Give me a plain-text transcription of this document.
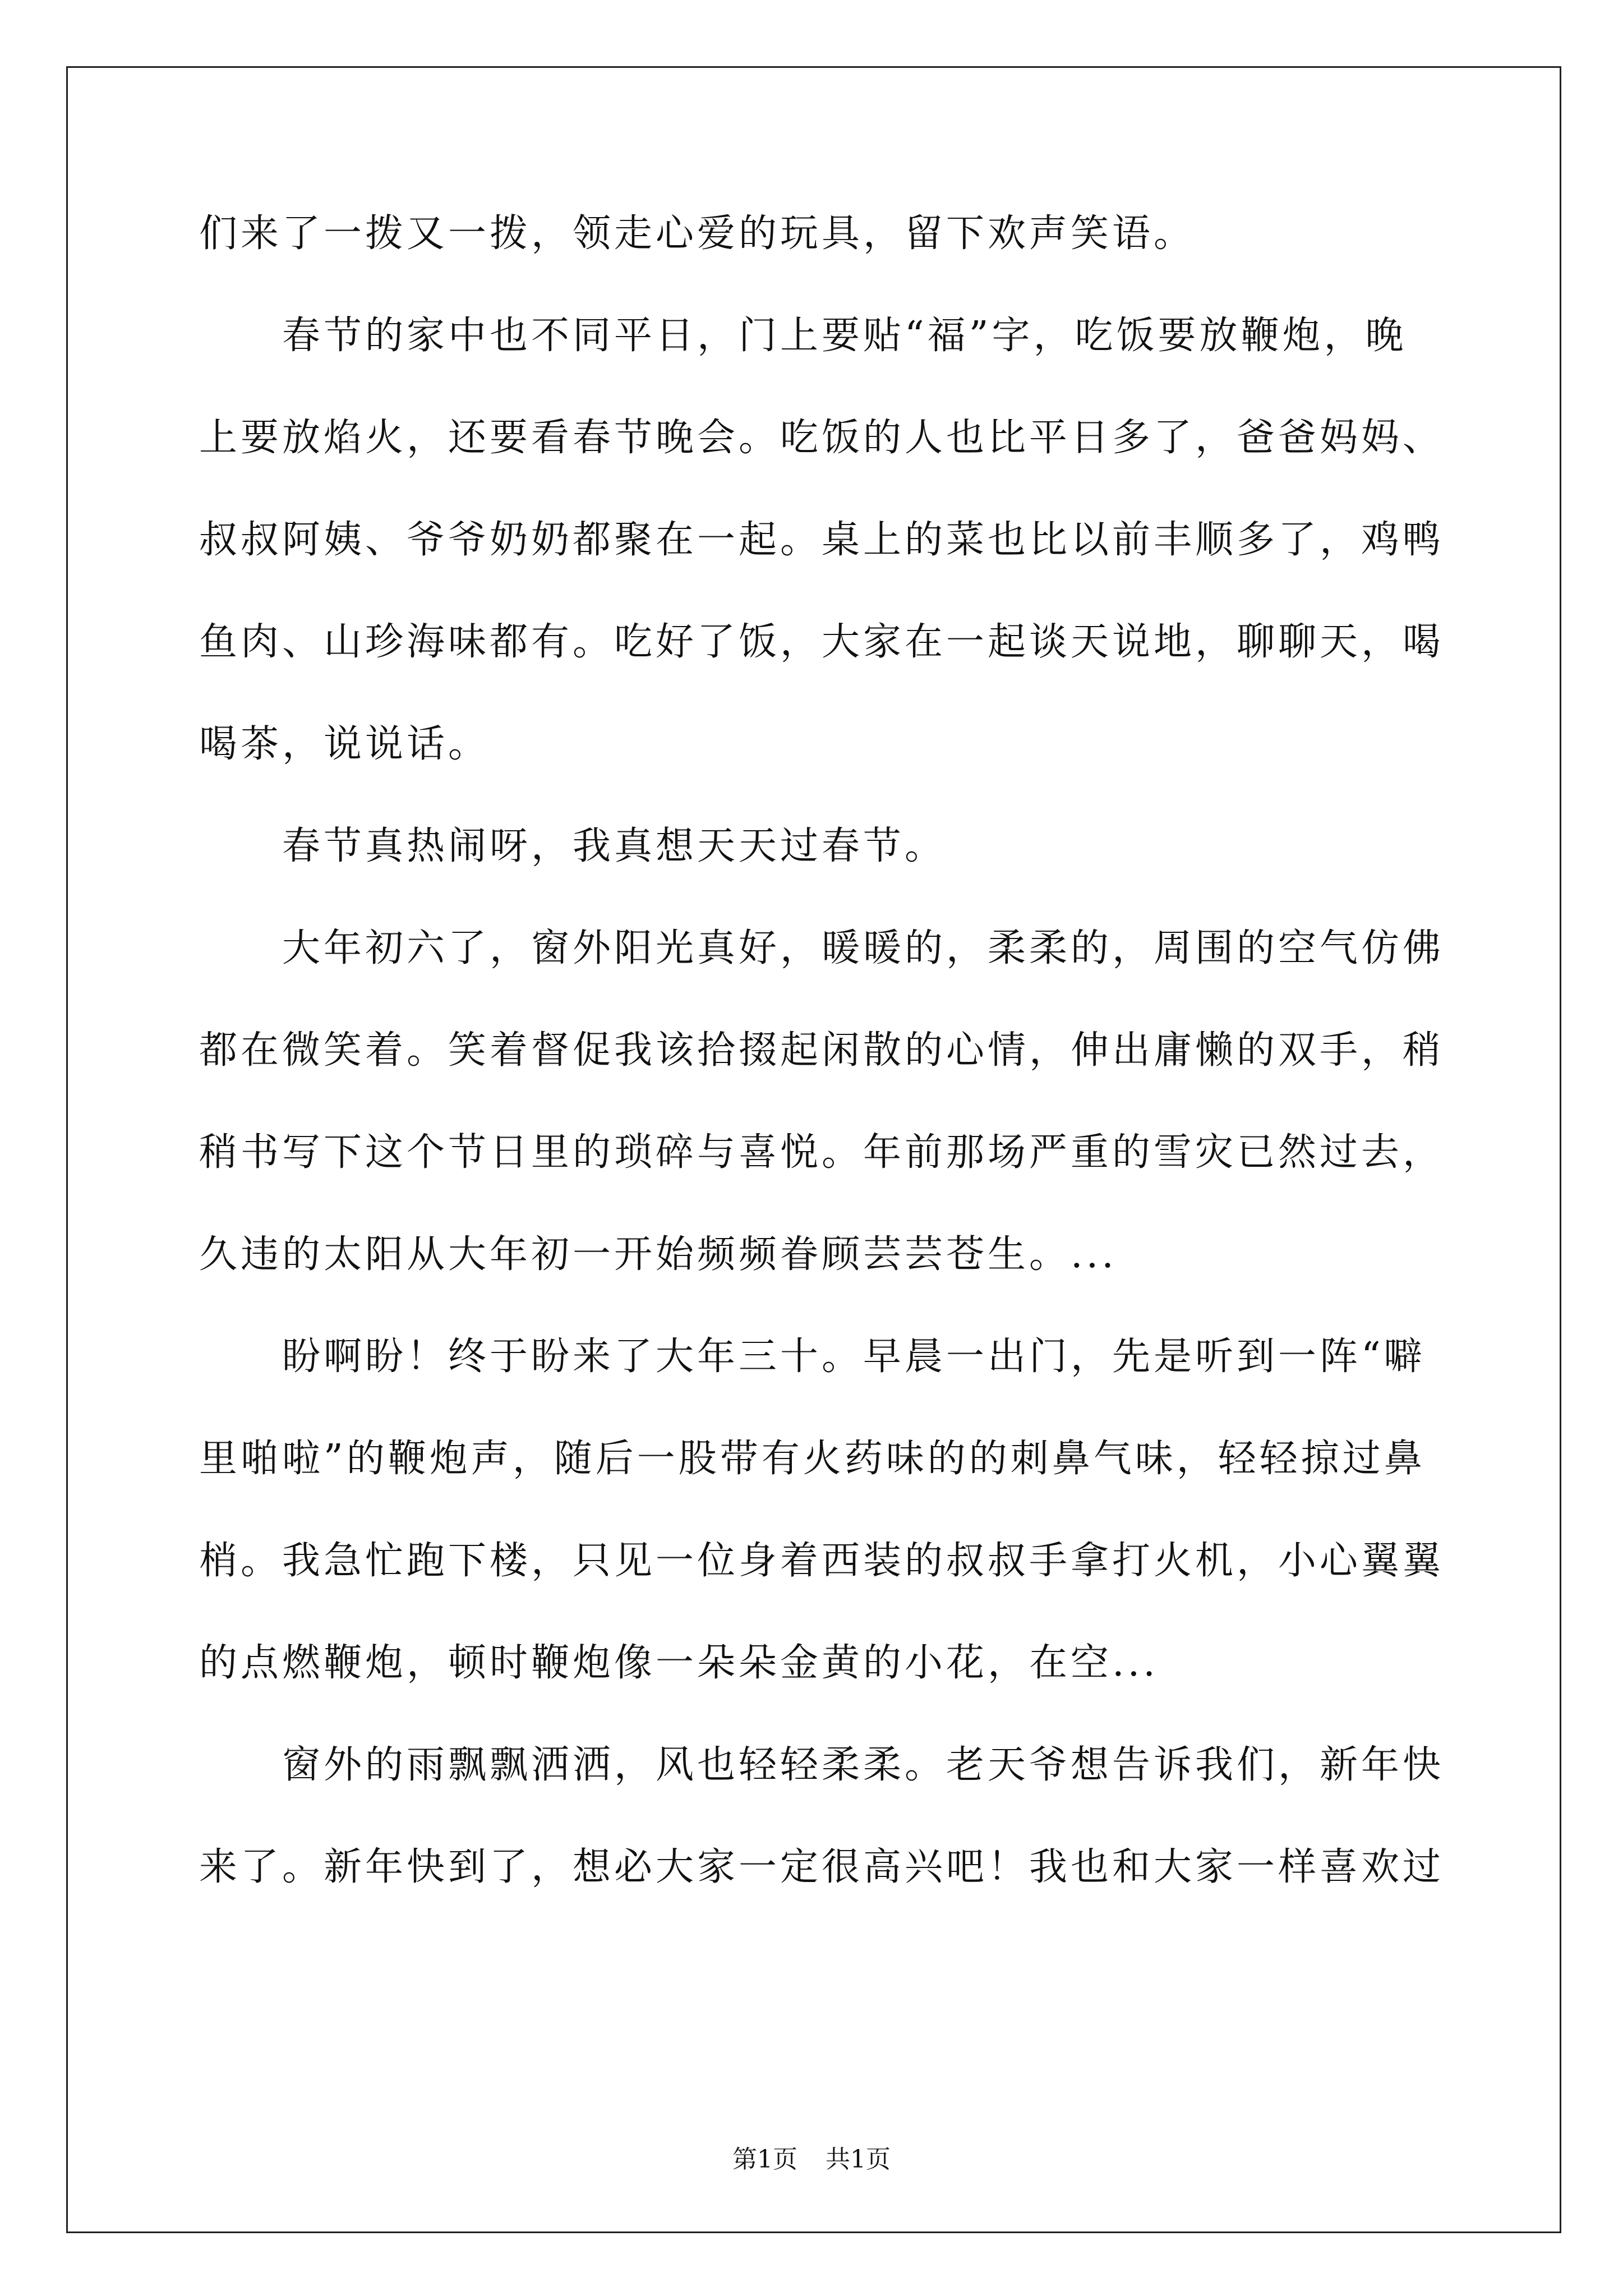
们来了一拨又一拨，领走心爱的玩具，留下欢声笑语。
春节的家中也不同平日，门上要贴“福”字，吃饭要放鞭炮，晚
上要放焰火，还要看春节晚会。吃饭的人也比平日多了，爸爸妈妈、
叔叔阿姨、爷爷奶奶都聚在一起。桌上的菜也比以前丰顺多了，鸡鸭
鱼肉、山珍海味都有。吃好了饭，大家在一起谈天说地，聊聊天，喝
喝茶，说说话。
春节真热闹呀，我真想天天过春节。
大年初六了，窗外阳光真好，暖暖的，柔柔的，周围的空气仿佛
都在微笑着。笑着督促我该拾掇起闲散的心情，伸出庸懒的双手，稍
稍书写下这个节日里的琐碎与喜悦。年前那场严重的雪灾已然过去，
久违的太阳从大年初一开始频频眷顾芸芸苍生。...
盼啊盼！终于盼来了大年三十。早晨一出门，先是听到一阵“噼
里啪啦”的鞭炮声，随后一股带有火药味的的刺鼻气味，轻轻掠过鼻
梢。我急忙跑下楼，只见一位身着西装的叔叔手拿打火机，小心翼翼
的点燃鞭炮，顿时鞭炮像一朵朵金黄的小花，在空...
窗外的雨飘飘洒洒，风也轻轻柔柔。老天爷想告诉我们，新年快
来了。新年快到了，想必大家一定很高兴吧！我也和大家一样喜欢过
第1页 共1页
